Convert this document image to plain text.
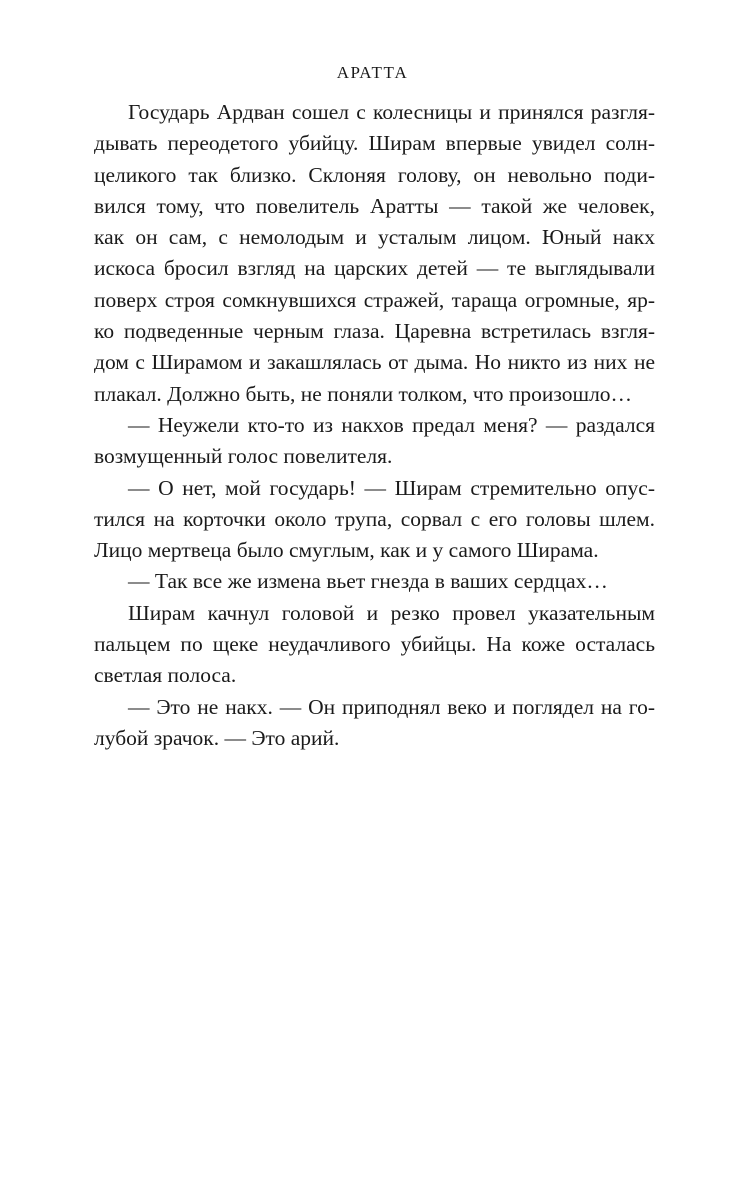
АРАТТА
Государь Ардван сошел с колесницы и принялся разгля-
дывать переодетого убийцу. Ширам впервые увидел солн-
целикого так близко. Склоняя голову, он невольно поди-
вился тому, что повелитель Аратты — такой же человек,
как он сам, с немолодым и усталым лицом. Юный накх
искоса бросил взгляд на царских детей — те выглядывали
поверх строя сомкнувшихся стражей, тараща огромные, яр-
ко подведенные черным глаза. Царевна встретилась взгля-
дом с Ширамом и закашлялась от дыма. Но никто из них не
плакал. Должно быть, не поняли толком, что произошло…
— Неужели кто-то из накхов предал меня? — раздался
возмущенный голос повелителя.
— О нет, мой государь! — Ширам стремительно опус-
тился на корточки около трупа, сорвал с его головы шлем.
Лицо мертвеца было смуглым, как и у самого Ширама.
— Так все же измена вьет гнезда в ваших сердцах…
Ширам качнул головой и резко провел указательным
пальцем по щеке неудачливого убийцы. На коже осталась
светлая полоса.
— Это не накх. — Он приподнял веко и поглядел на го-
лубой зрачок. — Это арий.
